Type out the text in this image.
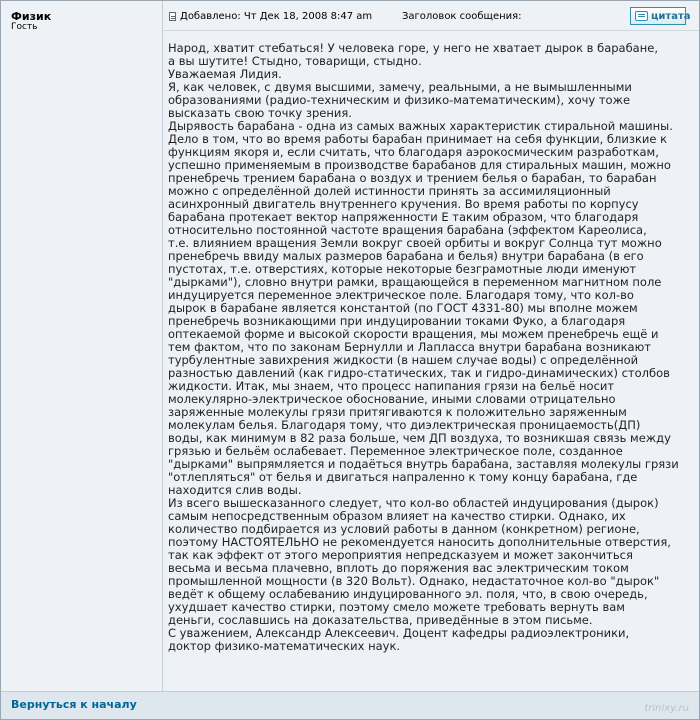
Физик
Гость
Добавлено: Чт Дек 18, 2008 8:47 am	Заголовок сообщения:	цитата
Народ, хватит стебаться! У человека горе, у него не хватает дырок в барабане,
а вы шутите! Стыдно, товарищи, стыдно.
Уважаемая Лидия.
Я, как человек, с двумя высшими, замечу, реальными, а не вымышленными
образованиями (радио-техническим и физико-математическим), хочу тоже
высказать свою точку зрения.
Дырявость барабана - одна из самых важных характеристик стиральной машины.
Дело в том, что во время работы барабан принимает на себя функции, близкие к
функциям якоря и, если считать, что благодаря аэрокосмическим разработкам,
успешно применяемым в производстве барабанов для стиральных машин, можно
пренебречь трением барабана о воздух и трением белья о барабан, то барабан
можно с определённой долей истинности принять за ассимиляционный
асинхронный двигатель внутреннего кручения. Во время работы по корпусу
барабана протекает вектор напряженности Е таким образом, что благодаря
относительно постоянной частоте вращения барабана (эффектом Кареолиса,
т.е. влиянием вращения Земли вокруг своей орбиты и вокруг Солнца тут можно
пренебречь ввиду малых размеров барабана и белья) внутри барабана (в его
пустотах, т.е. отверстиях, которые некоторые безграмотные люди именуют
"дырками"), словно внутри рамки, вращающейся в переменном магнитном поле
индуцируется переменное электрическое поле. Благодаря тому, что кол-во
дырок в барабане является константой (по ГОСТ 4331-80) мы вполне можем
пренебречь возникающими при индуцировании токами Фуко, а благодаря
оптекаемой форме и высокой скорости вращения, мы можем пренебречь ещё и
тем фактом, что по законам Бернулли и Лапласса внутри барабана возникают
турбулентные завихрения жидкости (в нашем случае воды) с определённой
разностью давлений (как гидро-статических, так и гидро-динамических) столбов
жидкости. Итак, мы знаем, что процесс напипания грязи на бельё носит
молекулярно-электрическое обоснование, иными словами отрицательно
заряженные молекулы грязи притягиваются к положительно заряженным
молекулам белья. Благодаря тому, что диэлектрическая проницаемость(ДП)
воды, как минимум в 82 раза больше, чем ДП воздуха, то возникшая связь между
грязью и бельём ослабевает. Переменное электрическое поле, созданное
"дырками" выпрямляется и подаёться внутрь барабана, заставляя молекулы грязи
"отлепляться" от белья и двигаться напраленно к тому концу барабана, где
находится слив воды.
Из всего вышесказанного следует, что кол-во областей индуцирования (дырок)
самым непосредственным образом влияет на качество стирки. Однако, их
количество подбирается из условий работы в данном (конкретном) регионе,
поэтому НАСТОЯТЕЛЬНО не рекомендуется наносить дополнительные отверстия,
так как эффект от этого мероприятия непредсказуем и может закончиться
весьма и весьма плачевно, вплоть до поряжения вас электрическим током
промышленной мощности (в 320 Вольт). Однако, недастаточное кол-во "дырок"
ведёт к общему ослабеванию индуцированного эл. поля, что, в свою очередь,
ухудшает качество стирки, поэтому смело можете требовать вернуть вам
деньги, сославшись на доказательства, приведённые в этом письме.
С уважением, Александр Алексеевич. Доцент кафедры радиоэлектроники,
доктор физико-математических наук.
Вернуться к началу	trinixy.ru
